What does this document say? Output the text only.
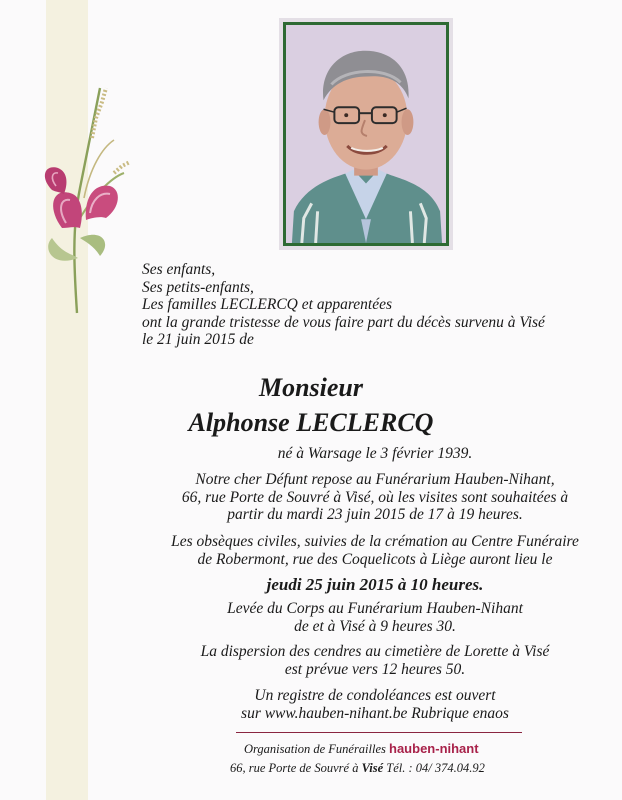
Ses enfants,
Ses petits-enfants,
Les familles LECLERCQ et apparentées
ont la grande tristesse de vous faire part du décès survenu à Visé
le 21 juin 2015 de
Monsieur
Alphonse LECLERCQ
né à Warsage le 3 février 1939.
Notre cher Défunt repose au Funérarium Hauben-Nihant,
66, rue Porte de Souvré à Visé, où les visites sont souhaitées à
partir du mardi 23 juin 2015 de 17 à 19 heures.
Les obsèques civiles, suivies de la crémation au Centre Funéraire
de Robermont, rue des Coquelicots à Liège auront lieu le
jeudi 25 juin 2015 à 10 heures.
Levée du Corps au Funérarium Hauben-Nihant
de et à Visé à 9 heures 30.
La dispersion des cendres au cimetière de Lorette à Visé
est prévue vers 12 heures 50.
Un registre de condoléances est ouvert
sur www.hauben-nihant.be Rubrique enaos
Organisation de Funérailles hauben-nihant
66, rue Porte de Souvré à Visé Tél. : 04/ 374.04.92
